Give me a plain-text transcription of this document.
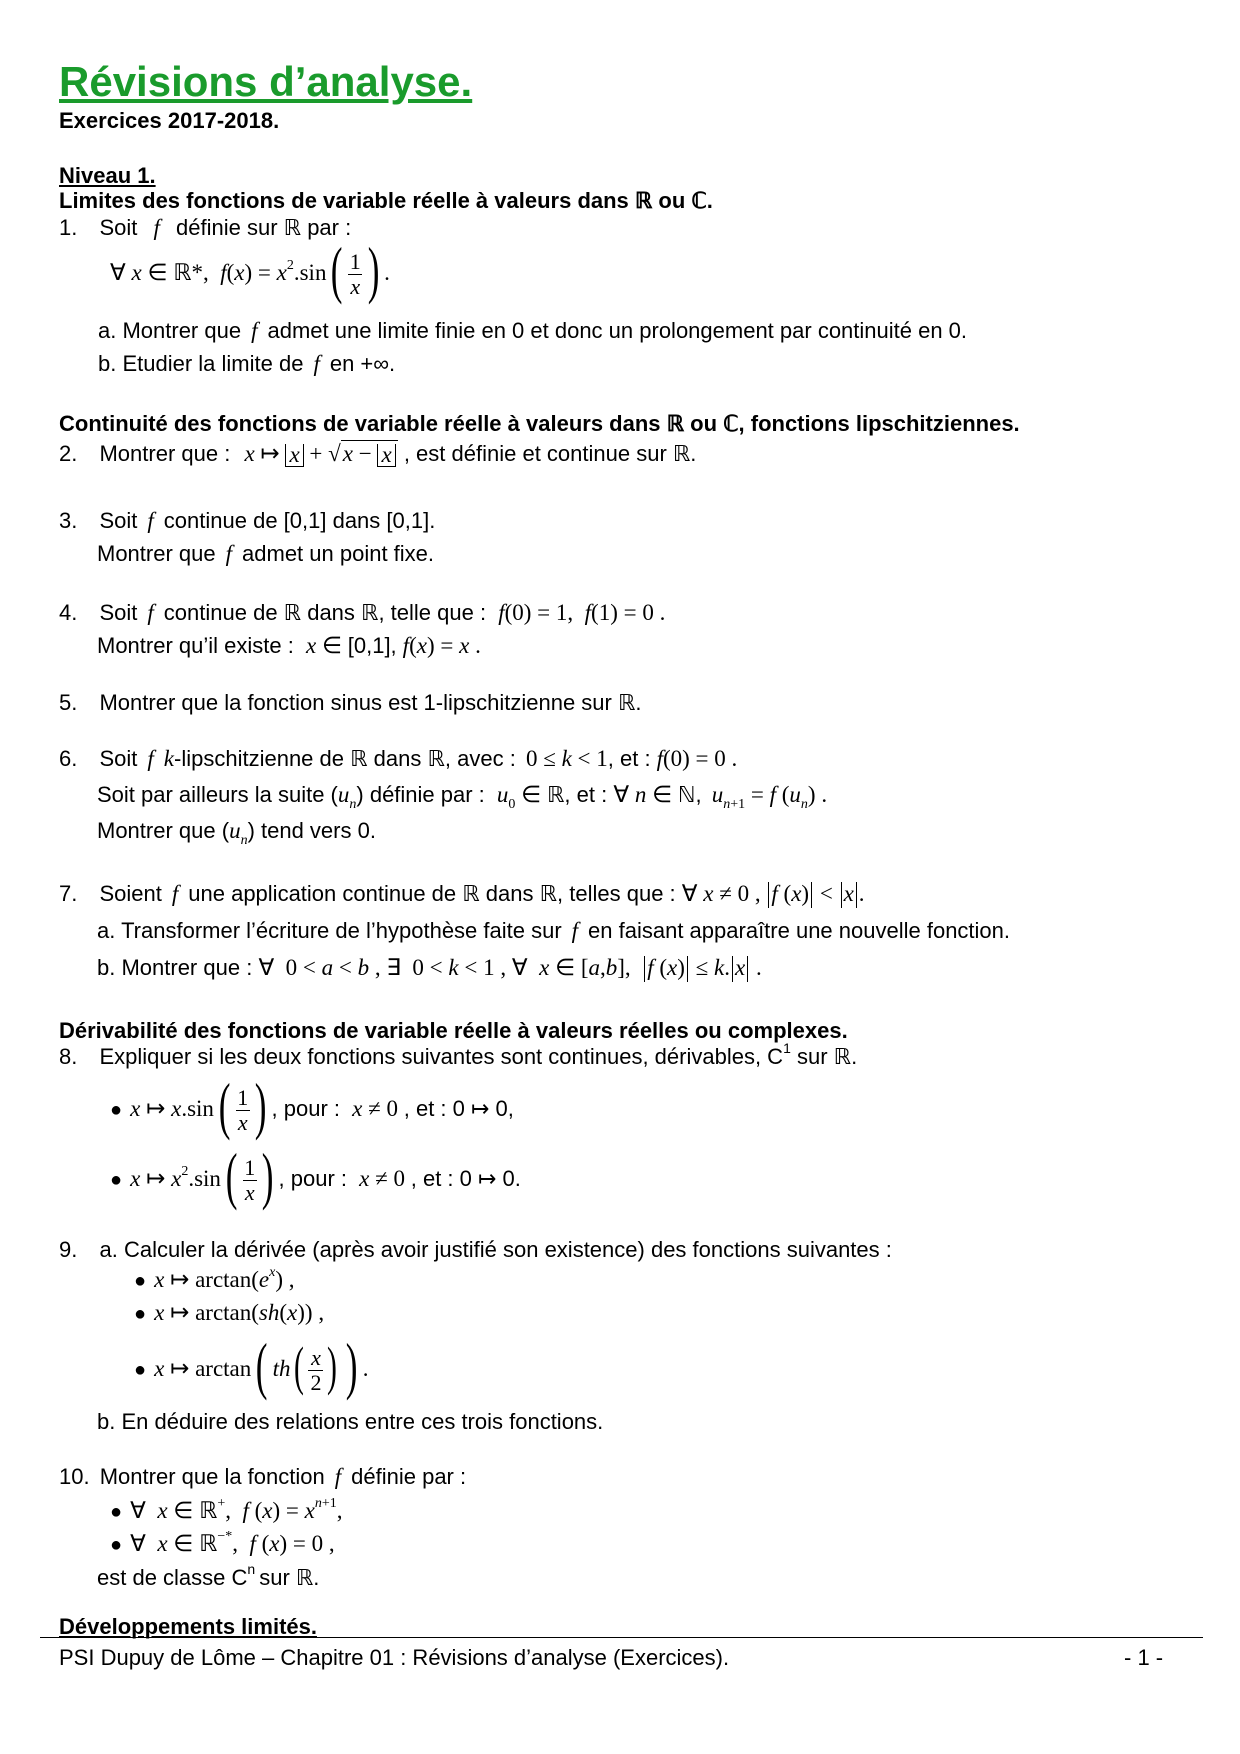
Révisions d’analyse.
Exercices 2017-2018.
Niveau 1.
Limites des fonctions de variable réelle à valeurs dans ℝ ou ℂ.
1. Soit f définie sur ℝ par :
∀ x ∈ ℝ*,  $f(x) = x^2.\sin( \frac{1}{x}$ ) .
a. Montrer que f admet une limite finie en 0 et donc un prolongement par continuité en 0.
b. Etudier la limite de f en +∞.
Continuité des fonctions de variable réelle à valeurs dans ℝ ou ℂ, fonctions lipschitziennes.
2. Montrer que : x ↦ x + √x − x , est définie et continue sur ℝ.
3. Soit f continue de [0,1] dans [0,1].
Montrer que f admet un point fixe.
4. Soit f continue de ℝ dans ℝ, telle que : f(0) = 1,  f(1) = 0 .
Montrer qu’il existe : x ∈ [0,1], f(x) = x .
5. Montrer que la fonction sinus est 1-lipschitzienne sur ℝ.
6. Soit f k-lipschitzienne de ℝ dans ℝ, avec : 0 ≤ k < 1, et : f(0) = 0 .
Soit par ailleurs la suite $(u_n)$ définie par : $u_0$ ∈ ℝ, et : ∀ n ∈ ℕ, $u_{n+1} = f$ $(u_n)$ .
Montrer que $(u_n)$ tend vers 0.
7. Soient f une application continue de ℝ dans ℝ, telles que : ∀ x ≠ 0 , f (x) < x .
a. Transformer l’écriture de l’hypothèse faite sur f en faisant apparaître une nouvelle fonction.
b. Montrer que : ∀  0 < a < b , ∃  0 < k < 1 , ∀  x ∈ [a,b],  f (x) ≤ k. x .
Dérivabilité des fonctions de variable réelle à valeurs réelles ou complexes.
8. Expliquer si les deux fonctions suivantes sont continues, dérivables, $C^1$ sur ℝ.
● x ↦ $x.\sin( \frac{1}{x}$ ) , pour : x ≠ 0 , et : 0 ↦ 0,
● x ↦ $x^2.\sin( \frac{1}{x}$ ) , pour : x ≠ 0 , et : 0 ↦ 0.
9. a. Calculer la dérivée (après avoir justifié son existence) des fonctions suivantes :
● x ↦ $\arctan(e^x)$ ,
● x ↦ arctan(sh(x)) ,
● x ↦ arctan( $th( \frac{x}{2}$ ) ) .
b. En déduire des relations entre ces trois fonctions.
10. Montrer que la fonction f définie par :
● ∀  x ∈ ℝ+,  f $(x) = x^{n+1}$,
● ∀  x ∈ ℝ−*,  f (x) = 0 ,
est de classe $C^n$ sur ℝ.
Développements limités.
PSI Dupuy de Lôme – Chapitre 01 : Révisions d’analyse (Exercices).	- 1 -
